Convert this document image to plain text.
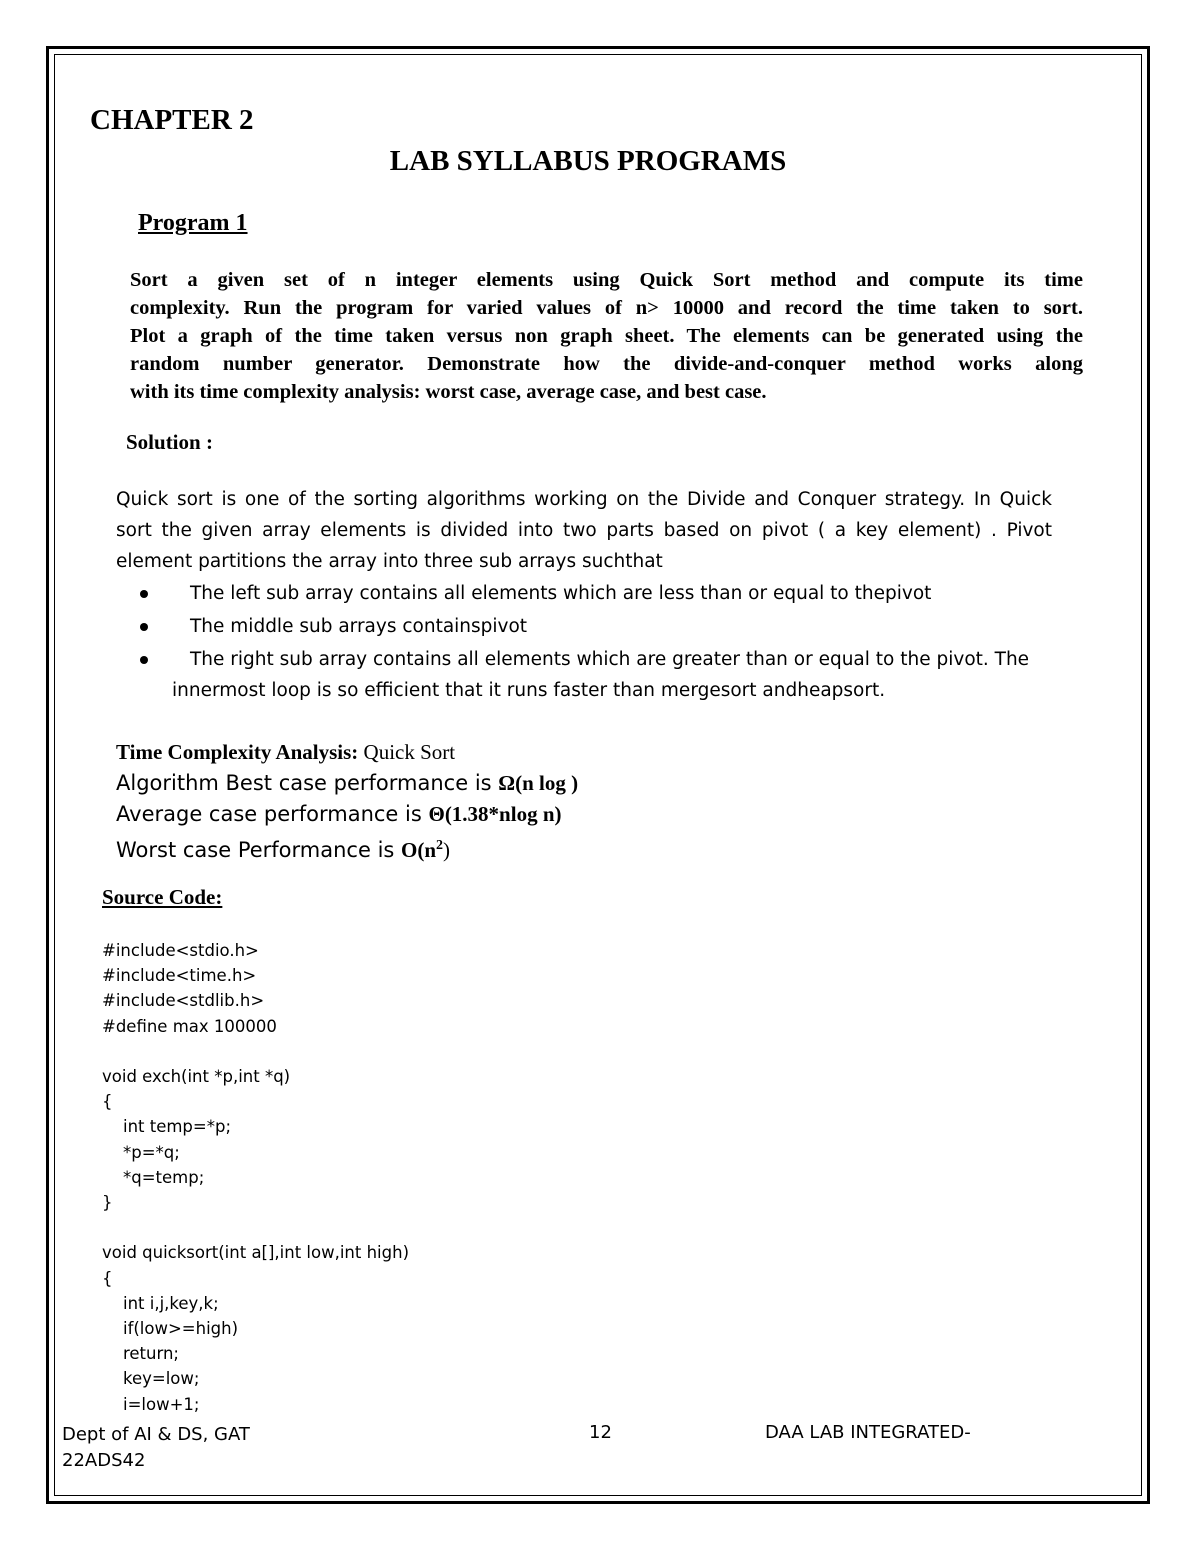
CHAPTER 2
LAB SYLLABUS PROGRAMS
Program 1
Sort a given set of n integer elements using Quick Sort method and compute its time
complexity. Run the program for varied values of n> 10000 and record the time taken to sort.
Plot a graph of the time taken versus non graph sheet. The elements can be generated using the
random number generator. Demonstrate how the divide-and-conquer method works along
with its time complexity analysis: worst case, average case, and best case.
Solution :
Quick sort is one of the sorting algorithms working on the Divide and Conquer strategy. In Quick
sort the given array elements is divided into two parts based on pivot ( a key element) . Pivot
element partitions the array into three sub arrays suchthat
The left sub array contains all elements which are less than or equal to thepivot
The middle sub arrays containspivot
The right sub array contains all elements which are greater than or equal to the pivot. The
innermost loop is so efficient that it runs faster than mergesort andheapsort.
Time Complexity Analysis: Quick Sort
Algorithm Best case performance is Ω(n log )
Average case performance is Θ(1.38*nlog n)
Worst case Performance is $O(n^2)$
Source Code:
#include<stdio.h>
#include<time.h>
#include<stdlib.h>
#define max 100000
void exch(int *p,int *q)
{
int temp=*p;
*p=*q;
*q=temp;
}
void quicksort(int a[],int low,int high)
{
int i,j,key,k;
if(low>=high)
return;
key=low;
i=low+1;
Dept of AI & DS, GAT
22ADS42
12	DAA LAB INTEGRATED-
